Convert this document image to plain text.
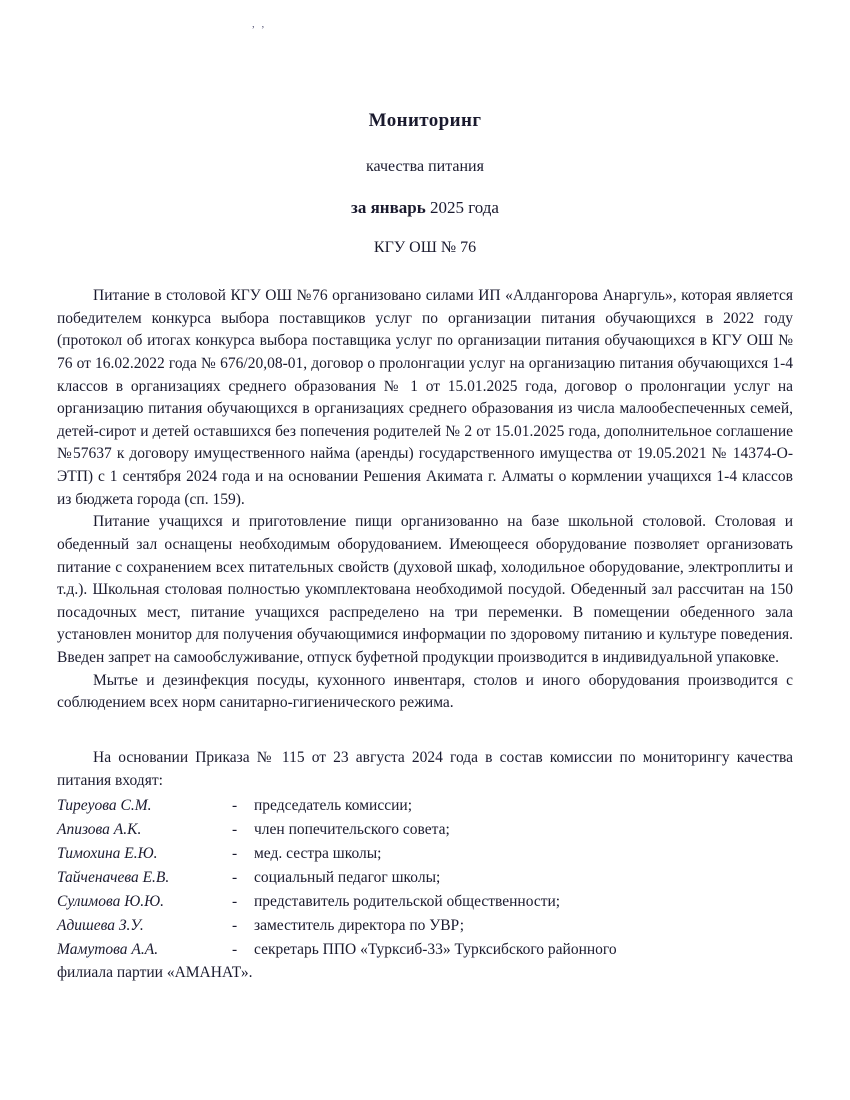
, ,
Мониторинг
качества питания
за январь 2025 года
КГУ ОШ № 76

Питание в столовой КГУ ОШ №76 организовано силами ИП «Алдангорова Анаргуль», которая является победителем конкурса выбора поставщиков услуг по организации питания обучающихся в 2022 году (протокол об итогах конкурса выбора поставщика услуг по организации питания обучающихся в КГУ ОШ № 76 от 16.02.2022 года № 676/20,08-01, договор о пролонгации услуг на организацию питания обучающихся 1-4 классов в организациях среднего образования № 1 от 15.01.2025 года, договор о пролонгации услуг на организацию питания обучающихся в организациях среднего образования из числа малообеспеченных семей, детей-сирот и детей оставшихся без попечения родителей № 2 от 15.01.2025 года, дополнительное соглашение №57637 к договору имущественного найма (аренды) государственного имущества от 19.05.2021 № 14374-О-ЭТП) с 1 сентября 2024 года и на основании Решения Акимата г. Алматы о кормлении учащихся 1-4 классов из бюджета города (сп. 159).

Питание учащихся и приготовление пищи организованно на базе школьной столовой. Столовая и обеденный зал оснащены необходимым оборудованием. Имеющееся оборудование позволяет организовать питание с сохранением всех питательных свойств (духовой шкаф, холодильное оборудование, электроплиты и т.д.). Школьная столовая полностью укомплектована необходимой посудой. Обеденный зал рассчитан на 150 посадочных мест, питание учащихся распределено на три переменки. В помещении обеденного зала установлен монитор для получения обучающимися информации по здоровому питанию и культуре поведения. Введен запрет на самообслуживание, отпуск буфетной продукции производится в индивидуальной упаковке.

Мытье и дезинфекция посуды, кухонного инвентаря, столов и иного оборудования производится с соблюдением всех норм санитарно-гигиенического режима.

На основании Приказа № 115 от 23 августа 2024 года в состав комиссии по мониторингу качества питания входят:

Тиреуова С.М.	-	председатель комиссии;
Апизова А.К.	-	член попечительского совета;
Тимохина Е.Ю.	-	мед. сестра школы;
Тайченачева Е.В.	-	социальный педагог школы;
Сулимова Ю.Ю.	-	представитель родительской общественности;
Адишева З.У.	-	заместитель директора по УВР;
Мамутова А.А.	-	секретарь ППО «Турксиб-33» Турксибского районного

филиала партии «АМАНАТ».
